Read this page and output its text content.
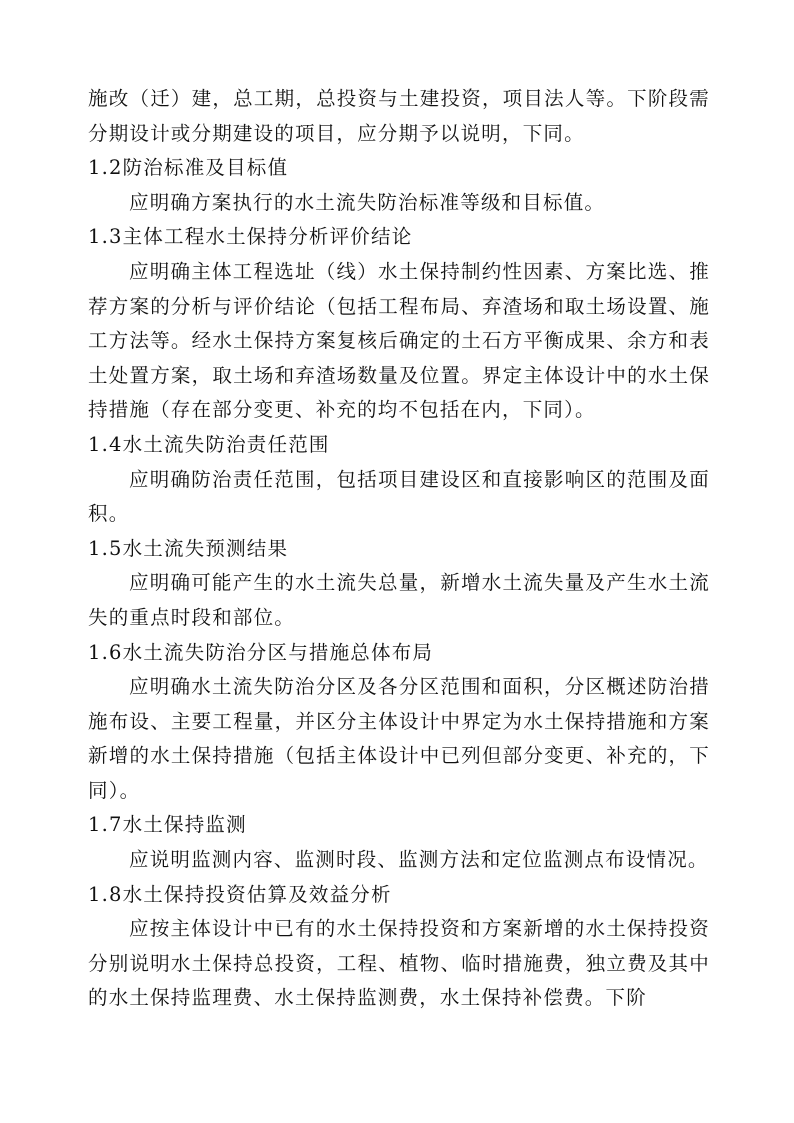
施改（迁）建，总工期，总投资与土建投资，项目法人等。下阶段需分期设计或分期建设的项目，应分期予以说明，下同。

1.2防治标准及目标值

应明确方案执行的水土流失防治标准等级和目标值。

1.3主体工程水土保持分析评价结论

应明确主体工程选址（线）水土保持制约性因素、方案比选、推荐方案的分析与评价结论（包括工程布局、弃渣场和取土场设置、施工方法等。经水土保持方案复核后确定的土石方平衡成果、余方和表土处置方案，取土场和弃渣场数量及位置。界定主体设计中的水土保持措施（存在部分变更、补充的均不包括在内，下同）。

1.4水土流失防治责任范围

应明确防治责任范围，包括项目建设区和直接影响区的范围及面积。

1.5水土流失预测结果

应明确可能产生的水土流失总量，新增水土流失量及产生水土流失的重点时段和部位。

1.6水土流失防治分区与措施总体布局

应明确水土流失防治分区及各分区范围和面积，分区概述防治措施布设、主要工程量，并区分主体设计中界定为水土保持措施和方案新增的水土保持措施（包括主体设计中已列但部分变更、补充的，下同）。

1.7水土保持监测

应说明监测内容、监测时段、监测方法和定位监测点布设情况。

1.8水土保持投资估算及效益分析

应按主体设计中已有的水土保持投资和方案新增的水土保持投资分别说明水土保持总投资，工程、植物、临时措施费，独立费及其中的水土保持监理费、水土保持监测费，水土保持补偿费。下阶
